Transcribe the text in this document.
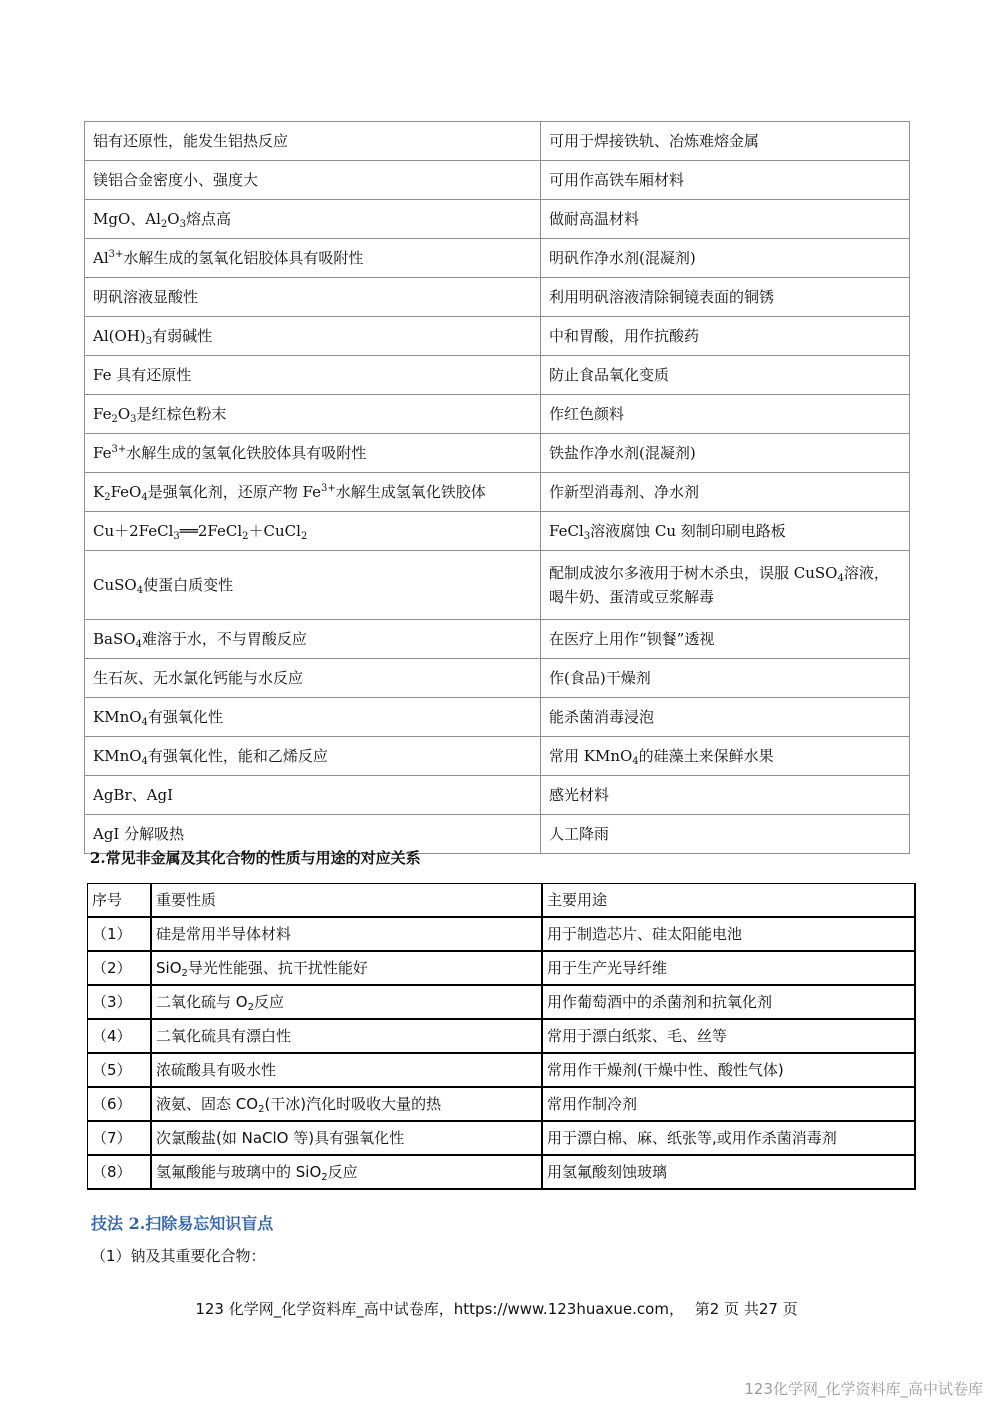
铝有还原性，能发生铝热反应	可用于焊接铁轨、冶炼难熔金属
镁铝合金密度小、强度大	可用作高铁车厢材料
MgO、$Al_2O_3$熔点高	做耐高温材料
$Al^{3+}$水解生成的氢氧化铝胶体具有吸附性	明矾作净水剂(混凝剂)
明矾溶液显酸性	利用明矾溶液清除铜镜表面的铜锈
$Al(OH)_3$有弱碱性	中和胃酸，用作抗酸药
Fe 具有还原性	防止食品氧化变质
$Fe_2O_3$是红棕色粉末	作红色颜料
$Fe^{3+}$水解生成的氢氧化铁胶体具有吸附性	铁盐作净水剂(混凝剂)
$K_2FeO_4$是强氧化剂，还原产物 $Fe^{3+}$水解生成氢氧化铁胶体	作新型消毒剂、净水剂
Cu＋2FeCl$_3$══2FeCl$_2$＋CuCl$_2$	FeCl$_3$溶液腐蚀 Cu 刻制印刷电路板
CuSO$_4$使蛋白质变性	配制成波尔多液用于树木杀虫，误服 CuSO$_4$溶液，喝牛奶、蛋清或豆浆解毒
BaSO$_4$难溶于水，不与胃酸反应	在医疗上用作“钡餐”透视
生石灰、无水氯化钙能与水反应	作(食品)干燥剂
KMnO$_4$有强氧化性	能杀菌消毒浸泡
KMnO$_4$有强氧化性，能和乙烯反应	常用 KMnO$_4$的硅藻土来保鲜水果
AgBr、AgI	感光材料
AgI 分解吸热	人工降雨
2.常见非金属及其化合物的性质与用途的对应关系
序号	重要性质	主要用途
（1）	硅是常用半导体材料	用于制造芯片、硅太阳能电池
（2）	SiO$_2$导光性能强、抗干扰性能好	用于生产光导纤维
（3）	二氧化硫与 $O_2$反应	用作葡萄酒中的杀菌剂和抗氧化剂
（4）	二氧化硫具有漂白性	常用于漂白纸浆、毛、丝等
（5）	浓硫酸具有吸水性	常用作干燥剂(干燥中性、酸性气体)
（6）	液氨、固态 $CO_2$(干冰)汽化时吸收大量的热	常用作制冷剂
（7）	次氯酸盐(如 NaClO 等)具有强氧化性	用于漂白棉、麻、纸张等,或用作杀菌消毒剂
（8）	氢氟酸能与玻璃中的 SiO$_2$反应	用氢氟酸刻蚀玻璃
技法 2.扫除易忘知识盲点
（1）钠及其重要化合物：
123 化学网_化学资料库_高中试卷库，https://www.123huaxue.com， 第2 页 共27 页
123化学网_化学资料库_高中试卷库
